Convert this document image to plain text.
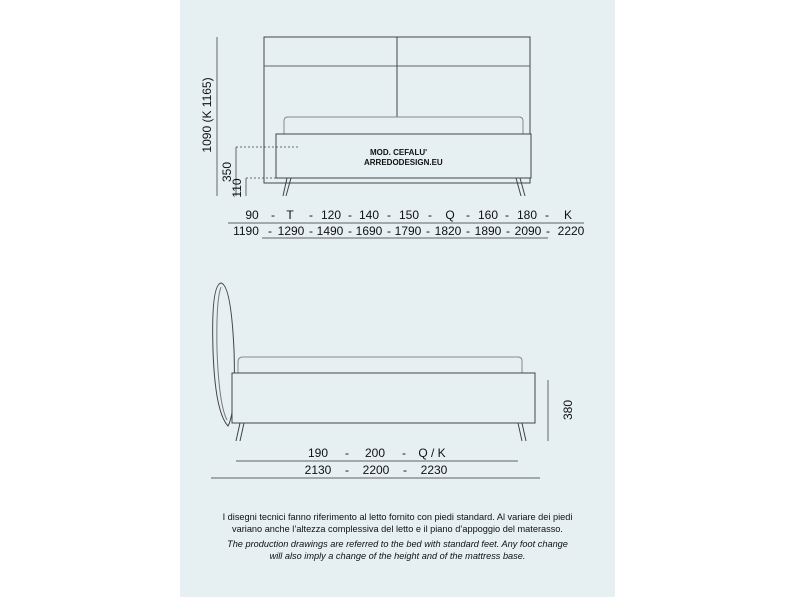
1090 (K 1165)
350
110
MOD. CEFALU'
ARREDODESIGN.EU
90 - T - 120 - 140 - 150 - Q - 160 - 180 - K
1190 - 1290 - 1490 - 1690 - 1790 - 1820 - 1890 - 2090 - 2220
380
190 - 200 - Q / K
2130 - 2200 - 2230

I disegni tecnici fanno riferimento al letto fornito con piedi standard. Al variare dei piedi

variano anche l’altezza complessiva del letto e il piano d’appoggio del materasso.

The production drawings are referred to the bed with standard feet. Any foot change

will also imply a change of the height and of the mattress base.
